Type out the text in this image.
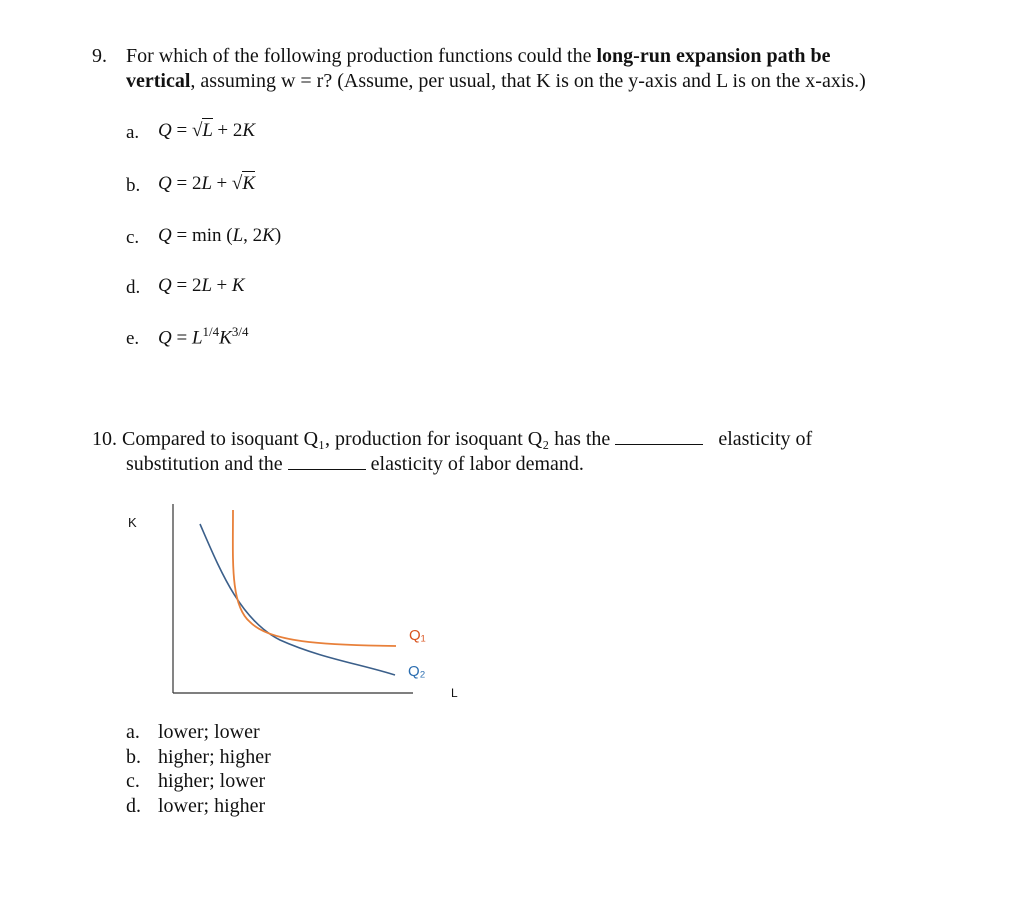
9. For which of the following production functions could the long-run expansion path be
vertical, assuming w = r? (Assume, per usual, that K is on the y-axis and L is on the x-axis.)
a. Q = √L + 2K
b. Q = 2L + √K
c. Q = min (L, 2K)
d. Q = 2L + K
e. $Q = L^{1/4}K^{3/4}$
10. Compared to isoquant Q₁, production for isoquant Q₂ has the	elasticity of
substitution and the	elasticity of labor demand.
K
Q₁
Q₂
L
a. lower; lower
b. higher; higher
c. higher; lower
d. lower; higher
